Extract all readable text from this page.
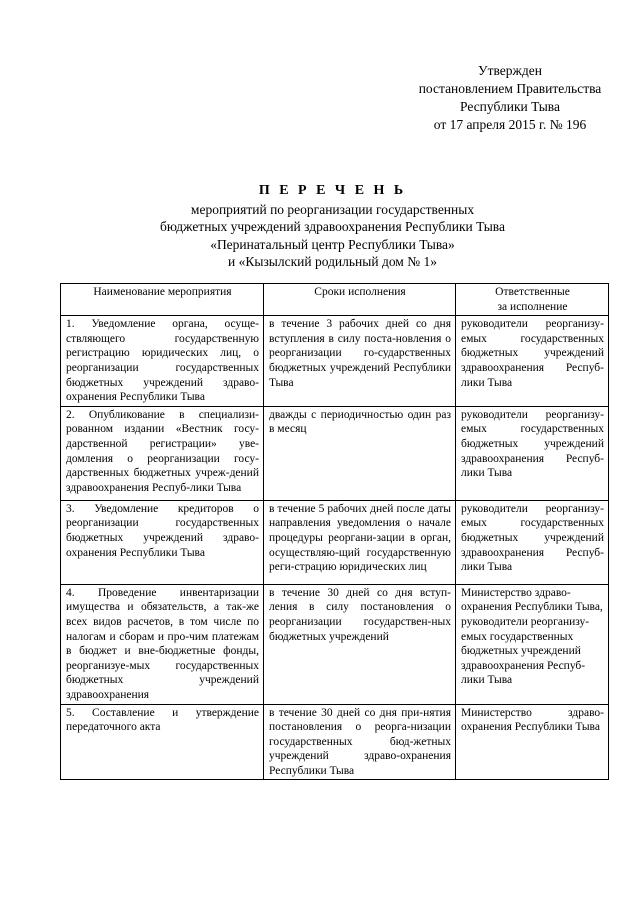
Утвержден
постановлением Правительства
Республики Тыва
от 17 апреля 2015 г. № 196
П Е Р Е Ч Е Н Ь
мероприятий по реорганизации государственных
бюджетных учреждений здравоохранения Республики Тыва
«Перинатальный центр Республики Тыва»
и «Кызылский родильный дом № 1»
Наименование мероприятия	Сроки исполнения	Ответственные
за исполнение

1. Уведомление органа, осуще-ствляющего государственную регистрацию юридических лиц, о реорганизации государственных бюджетных учреждений здраво-охранения Республики Тыва	в течение 3 рабочих дней со дня вступления в силу поста-новления о реорганизации го-сударственных бюджетных учреждений Республики Тыва	руководители реорганизу-емых государственных бюджетных учреждений здравоохранения Респуб-лики Тыва
2. Опубликование в специализи-рованном издании «Вестник госу-дарственной регистрации» уве-домления о реорганизации госу-дарственных бюджетных учреж-дений здравоохранения Респуб-лики Тыва	дважды с периодичностью один раз в месяц	руководители реорганизу-емых государственных бюджетных учреждений здравоохранения Респуб-лики Тыва
3. Уведомление кредиторов о реорганизации государственных бюджетных учреждений здраво-охранения Республики Тыва	в течение 5 рабочих дней после даты направления уведомления о начале процедуры реоргани-зации в орган, осуществляю-щий государственную реги-страцию юридических лиц	руководители реорганизу-емых государственных бюджетных учреждений здравоохранения Респуб-лики Тыва
4. Проведение инвентаризации имущества и обязательств, а так-же всех видов расчетов, в том числе по налогам и сборам и про-чим платежам в бюджет и вне-бюджетные фонды, реорганизуе-мых государственных бюджетных учреждений здравоохранения	в течение 30 дней со дня вступ-ления в силу постановления о реорганизации государствен-ных бюджетных учреждений	Министерство здраво-охранения Республики Тыва,
руководители реорганизу-емых государственных бюджетных учреждений здравоохранения Респуб-лики Тыва

5. Составление и утверждение передаточного акта	в течение 30 дней со дня при-нятия постановления о реорга-низации государственных бюд-жетных учреждений здраво-охранения Республики Тыва	Министерство здраво-охранения Республики Тыва
